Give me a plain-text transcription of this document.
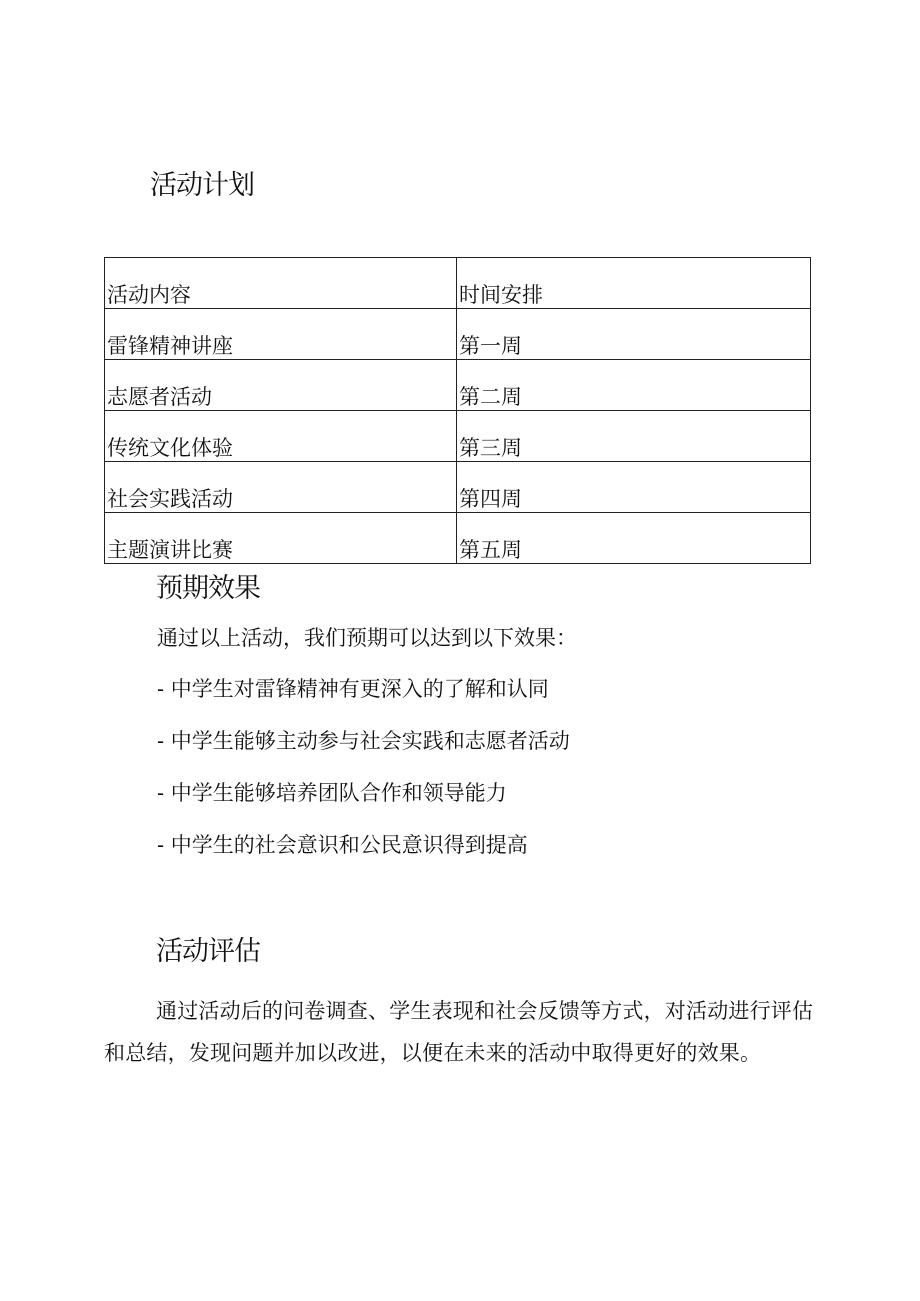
活动计划
活动内容	时间安排
雷锋精神讲座	第一周
志愿者活动	第二周
传统文化体验	第三周
社会实践活动	第四周
主题演讲比赛	第五周
预期效果

通过以上活动，我们预期可以达到以下效果：

- 中学生对雷锋精神有更深入的了解和认同

- 中学生能够主动参与社会实践和志愿者活动

- 中学生能够培养团队合作和领导能力

- 中学生的社会意识和公民意识得到提高

活动评估

通过活动后的问卷调查、学生表现和社会反馈等方式，对活动进行评估和总结，发现问题并加以改进，以便在未来的活动中取得更好的效果。
